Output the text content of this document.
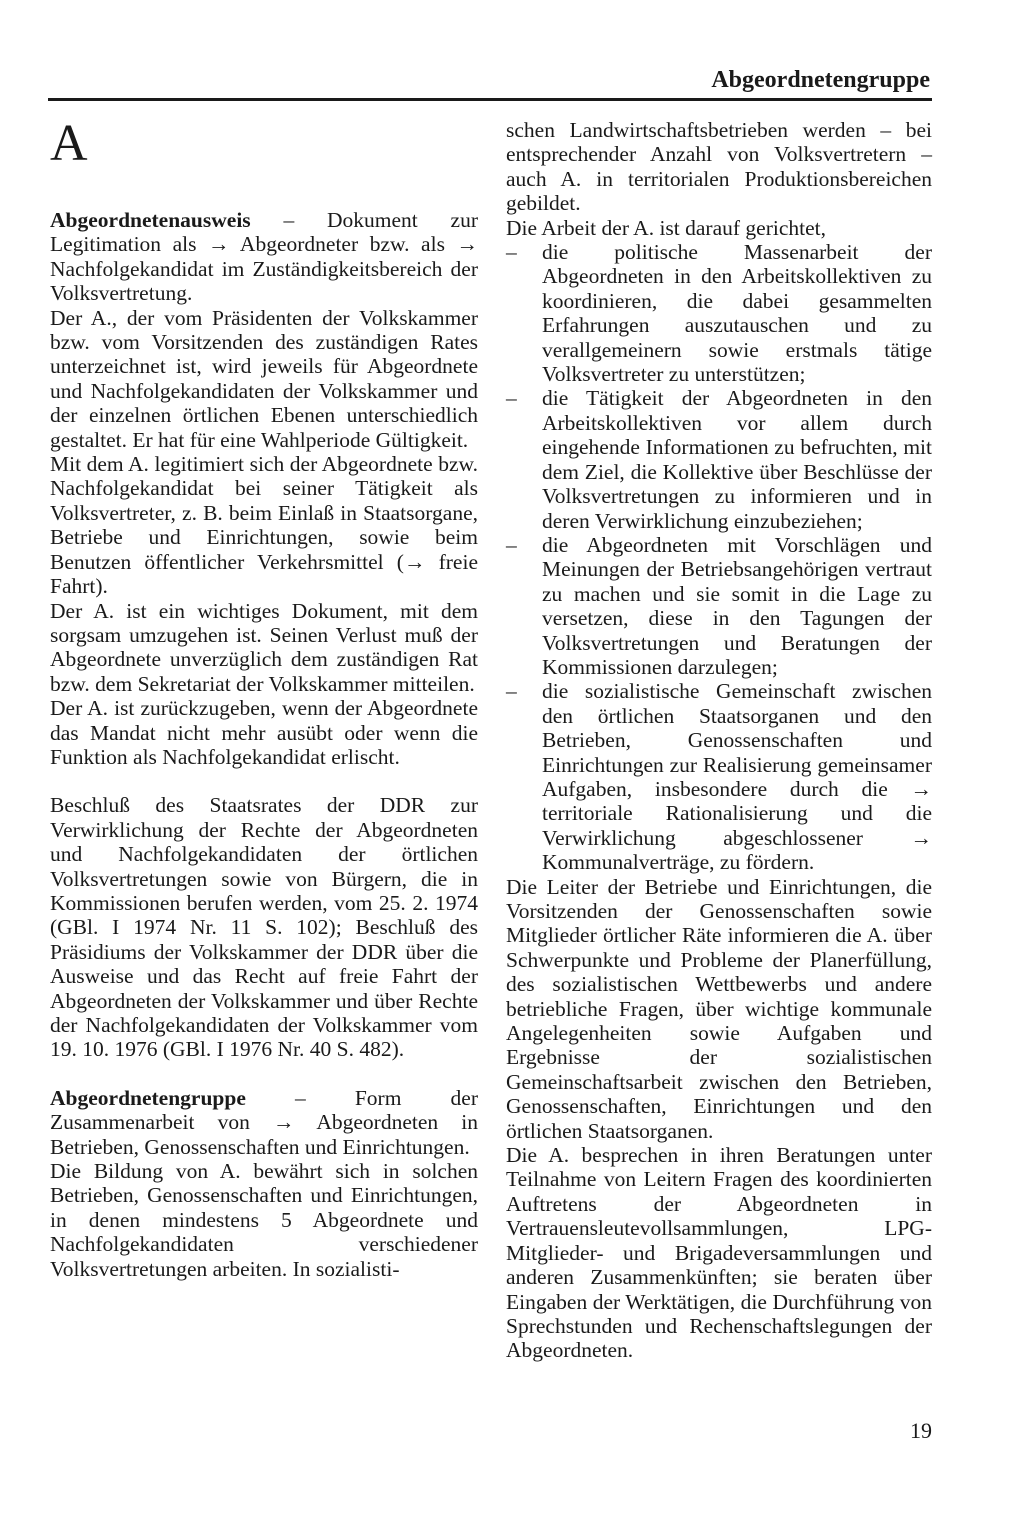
Abgeordnetengruppe
A

Abgeordnetenausweis – Dokument zur Legitimation als → Abgeordneter bzw. als → Nachfolgekandidat im Zuständigkeitsbereich der Volksvertretung.

Der A., der vom Präsidenten der Volkskammer bzw. vom Vorsitzenden des zuständigen Rates unterzeichnet ist, wird jeweils für Abgeordnete und Nachfolgekandidaten der Volkskammer und der einzelnen örtlichen Ebenen unterschiedlich gestaltet. Er hat für eine Wahlperiode Gültigkeit.

Mit dem A. legitimiert sich der Abgeordnete bzw. Nachfolgekandidat bei seiner Tätigkeit als Volksvertreter, z. B. beim Einlaß in Staatsorgane, Betriebe und Einrichtungen, sowie beim Benutzen öffentlicher Verkehrsmittel (→ freie Fahrt).

Der A. ist ein wichtiges Dokument, mit dem sorgsam umzugehen ist. Seinen Verlust muß der Abgeordnete unverzüglich dem zuständigen Rat bzw. dem Sekretariat der Volkskammer mitteilen.

Der A. ist zurückzugeben, wenn der Abgeordnete das Mandat nicht mehr ausübt oder wenn die Funktion als Nachfolgekandidat erlischt.

Beschluß des Staatsrates der DDR zur Verwirklichung der Rechte der Abgeordneten und Nachfolgekandidaten der örtlichen Volksvertretungen sowie von Bürgern, die in Kommissionen berufen werden, vom 25. 2. 1974 (GBl. I 1974 Nr. 11 S. 102); Beschluß des Präsidiums der Volkskammer der DDR über die Ausweise und das Recht auf freie Fahrt der Abgeordneten der Volkskammer und über Rechte der Nachfolgekandidaten der Volkskammer vom 19. 10. 1976 (GBl. I 1976 Nr. 40 S. 482).

Abgeordnetengruppe – Form der Zusammenarbeit von → Abgeordneten in Betrieben, Genossenschaften und Einrichtungen.

Die Bildung von A. bewährt sich in solchen Betrieben, Genossenschaften und Einrichtungen, in denen mindestens 5 Abgeordnete und Nachfolgekandidaten verschiedener Volksvertretungen arbeiten. In sozialisti-

schen Landwirtschaftsbetrieben werden – bei entsprechender Anzahl von Volksvertretern – auch A. in territorialen Produktionsbereichen gebildet.

Die Arbeit der A. ist darauf gerichtet,

– die politische Massenarbeit der Abgeordneten in den Arbeitskollektiven zu koordinieren, die dabei gesammelten Erfahrungen auszutauschen und zu verallgemeinern sowie erstmals tätige Volksvertreter zu unterstützen;
– die Tätigkeit der Abgeordneten in den Arbeitskollektiven vor allem durch eingehende Informationen zu befruchten, mit dem Ziel, die Kollektive über Beschlüsse der Volksvertretungen zu informieren und in deren Verwirklichung einzubeziehen;
– die Abgeordneten mit Vorschlägen und Meinungen der Betriebsangehörigen vertraut zu machen und sie somit in die Lage zu versetzen, diese in den Tagungen der Volksvertretungen und Beratungen der Kommissionen darzulegen;
– die sozialistische Gemeinschaft zwischen den örtlichen Staatsorganen und den Betrieben, Genossenschaften und Einrichtungen zur Realisierung gemeinsamer Aufgaben, insbesondere durch die → territoriale Rationalisierung und die Verwirklichung abgeschlossener → Kommunalverträge, zu fördern.

Die Leiter der Betriebe und Einrichtungen, die Vorsitzenden der Genossenschaften sowie Mitglieder örtlicher Räte informieren die A. über Schwerpunkte und Probleme der Planerfüllung, des sozialistischen Wettbewerbs und andere betriebliche Fragen, über wichtige kommunale Angelegenheiten sowie Aufgaben und Ergebnisse der sozialistischen Gemeinschaftsarbeit zwischen den Betrieben, Genossenschaften, Einrichtungen und den örtlichen Staatsorganen.

Die A. besprechen in ihren Beratungen unter Teilnahme von Leitern Fragen des koordinierten Auftretens der Abgeordneten in Vertrauensleutevollsammlungen, LPG-Mitglieder- und Brigadeversammlungen und anderen Zusammenkünften; sie beraten über Eingaben der Werktätigen, die Durchführung von Sprechstunden und Rechenschaftslegungen der Abgeordneten.

19
